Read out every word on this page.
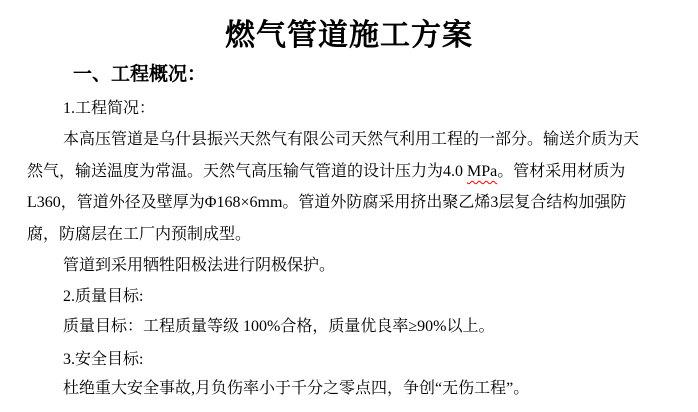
燃气管道施工方案
一、工程概况：
1.工程简况：
本高压管道是乌什县振兴天然气有限公司天然气利用工程的一部分。输送介质为天
然气，输送温度为常温。天然气高压输气管道的设计压力为4.0 MPa。管材采用材质为
L360，管道外径及壁厚为Φ168×6mm。管道外防腐采用挤出聚乙烯3层复合结构加强防
腐，防腐层在工厂内预制成型。
管道到采用牺牲阳极法进行阴极保护。
2.质量目标:
质量目标：工程质量等级 100%合格，质量优良率≥90%以上。
3.安全目标:
杜绝重大安全事故,月负伤率小于千分之零点四，争创“无伤工程”。
